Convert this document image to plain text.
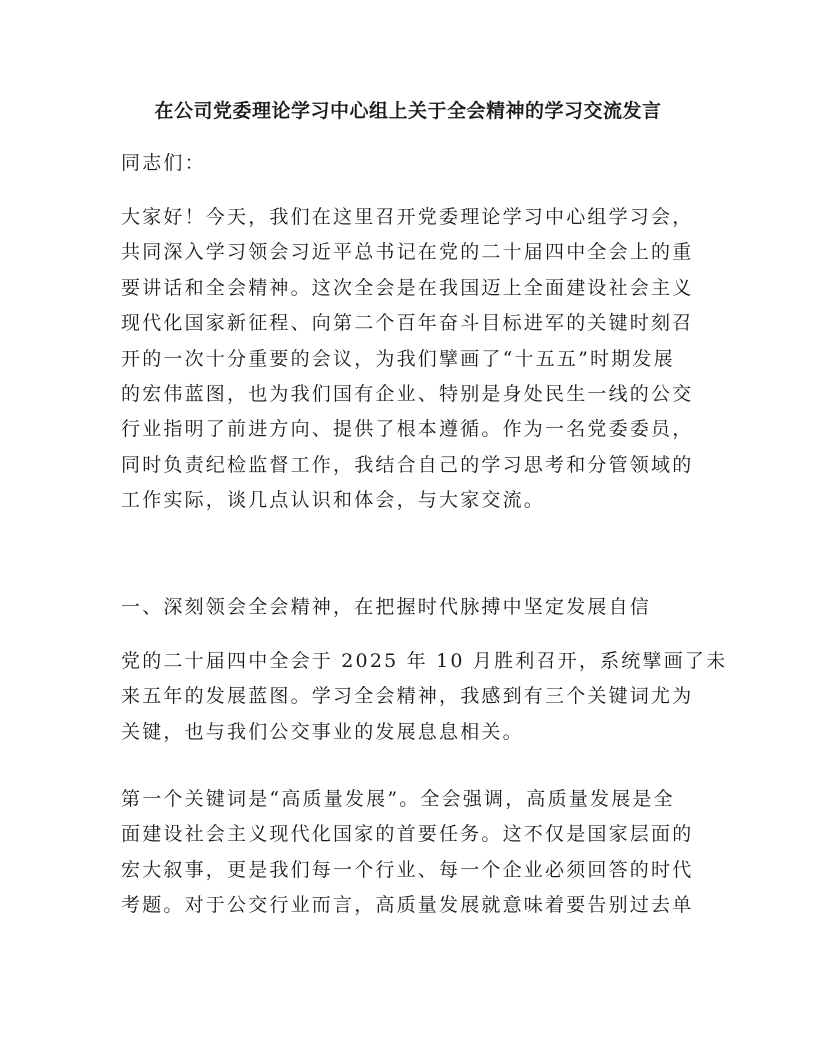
在公司党委理论学习中心组上关于全会精神的学习交流发言

同志们：

大家好！今天，我们在这里召开党委理论学习中心组学习会，
共同深入学习领会习近平总书记在党的二十届四中全会上的重
要讲话和全会精神。这次全会是在我国迈上全面建设社会主义
现代化国家新征程、向第二个百年奋斗目标进军的关键时刻召
开的一次十分重要的会议，为我们擘画了“十五五”时期发展
的宏伟蓝图，也为我们国有企业、特别是身处民生一线的公交
行业指明了前进方向、提供了根本遵循。作为一名党委委员，
同时负责纪检监督工作，我结合自己的学习思考和分管领域的
工作实际，谈几点认识和体会，与大家交流。

一、深刻领会全会精神，在把握时代脉搏中坚定发展自信

党的二十届四中全会于 2025 年 10 月胜利召开，系统擘画了未
来五年的发展蓝图。学习全会精神，我感到有三个关键词尤为
关键，也与我们公交事业的发展息息相关。

第一个关键词是“高质量发展”。全会强调，高质量发展是全
面建设社会主义现代化国家的首要任务。这不仅是国家层面的
宏大叙事，更是我们每一个行业、每一个企业必须回答的时代
考题。对于公交行业而言，高质量发展就意味着要告别过去单
